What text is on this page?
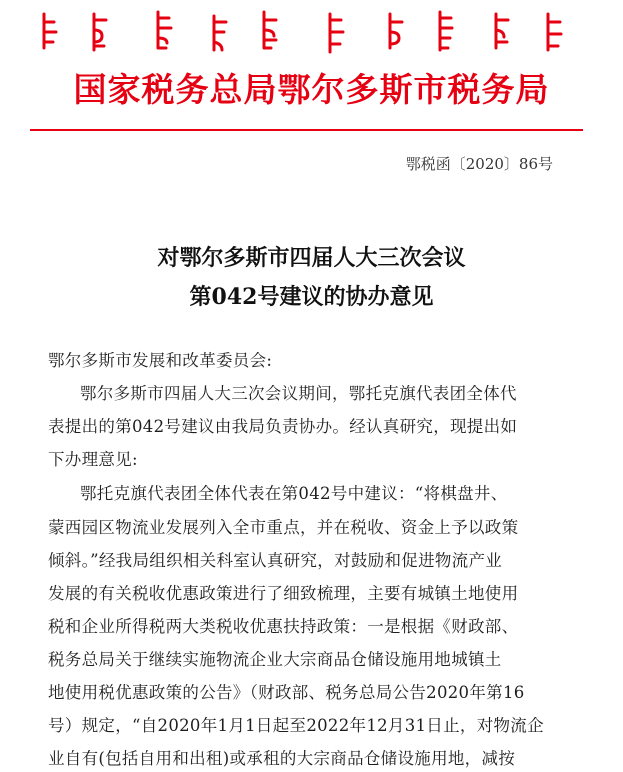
国家税务总局鄂尔多斯市税务局
鄂税函〔2020〕86号
对鄂尔多斯市四届人大三次会议
第042号建议的协办意见
鄂尔多斯市发展和改革委员会:
鄂尔多斯市四届人大三次会议期间，鄂托克旗代表团全体代
表提出的第042号建议由我局负责协办。经认真研究，现提出如
下办理意见:
鄂托克旗代表团全体代表在第042号中建议：“将棋盘井、
蒙西园区物流业发展列入全市重点，并在税收、资金上予以政策
倾斜。”经我局组织相关科室认真研究，对鼓励和促进物流产业
发展的有关税收优惠政策进行了细致梳理，主要有城镇土地使用
税和企业所得税两大类税收优惠扶持政策：一是根据《财政部、
税务总局关于继续实施物流企业大宗商品仓储设施用地城镇土
地使用税优惠政策的公告》（财政部、税务总局公告2020年第16
号）规定，“自2020年1月1日起至2022年12月31日止，对物流企
业自有(包括自用和出租)或承租的大宗商品仓储设施用地，减按
